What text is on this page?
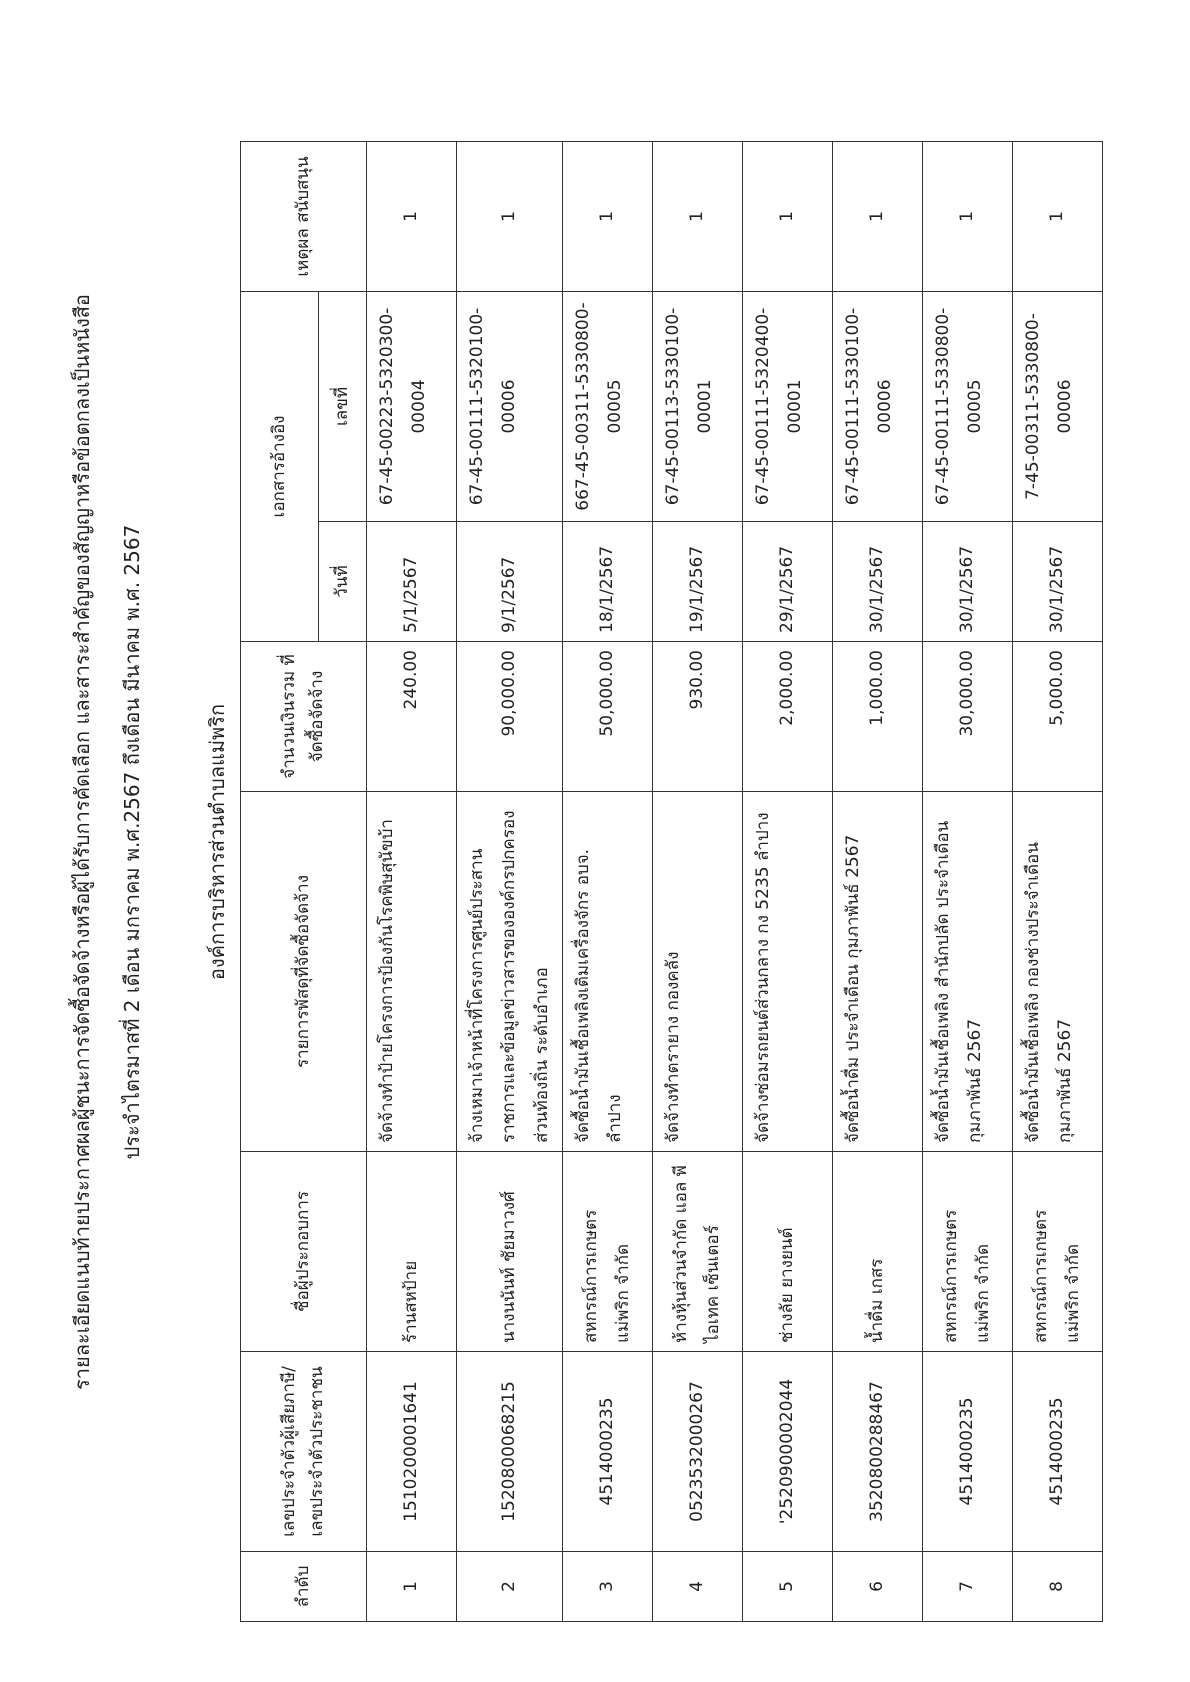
รายละเอียดแนบท้ายประกาศผลผู้ชนะการจัดซื้อจัดจ้างหรือผู้ได้รับการคัดเลือก และสาระสำคัญของสัญญาหรือข้อตกลงเป็นหนังสือ ประจำไตรมาสที่ 2 เดือน มกราคม พ.ศ.2567 ถึงเดือน มีนาคม พ.ศ. 2567	องค์การบริหารส่วนตำบลแม่พริก
ลำดับ	เลขประจำตัวผู้เสียภาษี/ เลขประจำตัวประชาชน	ชื่อผู้ประกอบการ	รายการพัสดุที่จัดซื้อจัดจ้าง	จำนวนเงินรวม ที่จัดซื้อจัดจ้าง	เอกสารอ้างอิง		เหตุผล สนับสนุน
					วันที่	เลขที่	
1	1510200001641	ร้านสหป้าย	จัดจ้างทำป้ายโครงการป้องกันโรคพิษสุนัขบ้า	240.00	5/1/2567	67-45-00223-5320300- 00004	1
2	1520800068215	นางนนันท์ ชัยมาวงศ์	จ้างเหมาเจ้าหน้าที่โครงการศูนย์ประสานราชการและข้อมูลข่าวสารขององค์กรปกครองส่วนท้องถิ่น ระดับอำเภอ	90,000.00	9/1/2567	67-45-00111-5320100- 00006	1
3	4514000235	สหกรณ์การเกษตรแม่พริก จำกัด	จัดซื้อน้ำมันเชื้อเพลิงเติมเครื่องจักร อบจ. ลำปาง	50,000.00	18/1/2567	667-45-00311-5330800- 00005	1
4	0523532000267	ห้างหุ้นส่วนจำกัด แอล พี ไอเทค เซ็นเตอร์	จัดจ้างทำตรายาง กองคลัง	930.00	19/1/2567	67-45-00113-5330100- 00001	1
5	'2520900002044	ช่างลัย ยางยนต์	จัดจ้างซ่อมรถยนต์ส่วนกลาง กง 5235 ลำปาง	2,000.00	29/1/2567	67-45-00111-5320400- 00001	1
6	3520800288467	น้ำดื่ม เกสร	จัดซื้อน้ำดื่ม ประจำเดือน กุมภาพันธ์ 2567	1,000.00	30/1/2567	67-45-00111-5330100- 00006	1
7	4514000235	สหกรณ์การเกษตรแม่พริก จำกัด	จัดซื้อน้ำมันเชื้อเพลิง สำนักปลัด ประจำเดือน กุมภาพันธ์ 2567	30,000.00	30/1/2567	67-45-00111-5330800- 00005	1
8	4514000235	สหกรณ์การเกษตรแม่พริก จำกัด	จัดซื้อน้ำมันเชื้อเพลิง กองช่างประจำเดือน กุมภาพันธ์ 2567	5,000.00	30/1/2567	7-45-00311-5330800- 00006	1
